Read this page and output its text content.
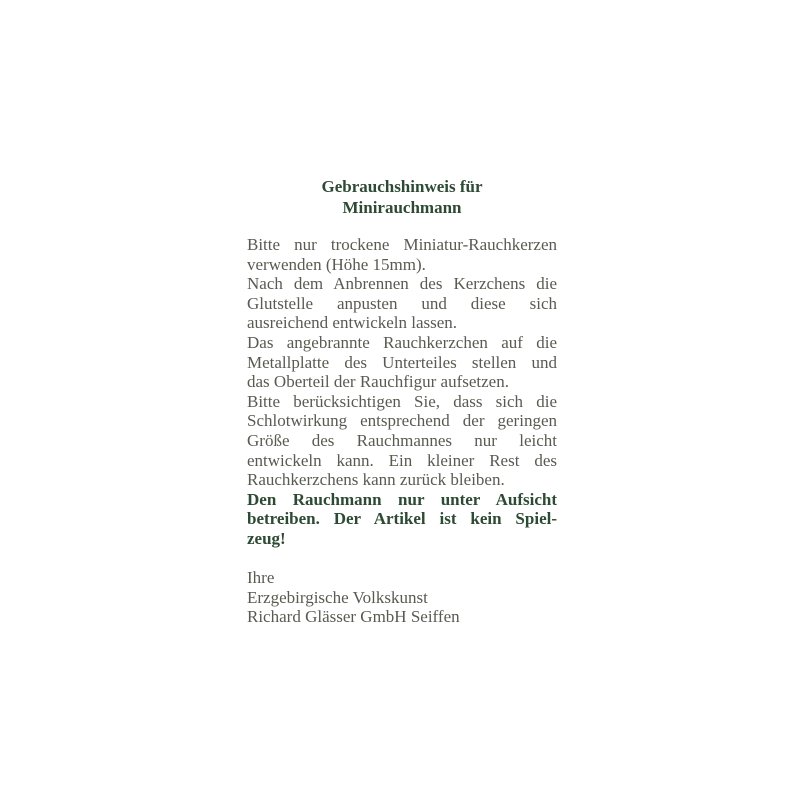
Gebrauchshinweis für
Minirauchmann
Bitte nur trockene Miniatur-Rauchkerzen
verwenden (Höhe 15mm).
Nach dem Anbrennen des Kerzchens die
Glutstelle anpusten und diese sich
ausreichend entwickeln lassen.
Das angebrannte Rauchkerzchen auf die
Metallplatte des Unterteiles stellen und
das Oberteil der Rauchfigur aufsetzen.
Bitte berücksichtigen Sie, dass sich die
Schlotwirkung entsprechend der geringen
Größe des Rauchmannes nur leicht
entwickeln kann. Ein kleiner Rest des
Rauchkerzchens kann zurück bleiben.
Den Rauchmann nur unter Aufsicht
betreiben. Der Artikel ist kein Spiel-
zeug!
Ihre
Erzgebirgische Volkskunst
Richard Glässer GmbH Seiffen
